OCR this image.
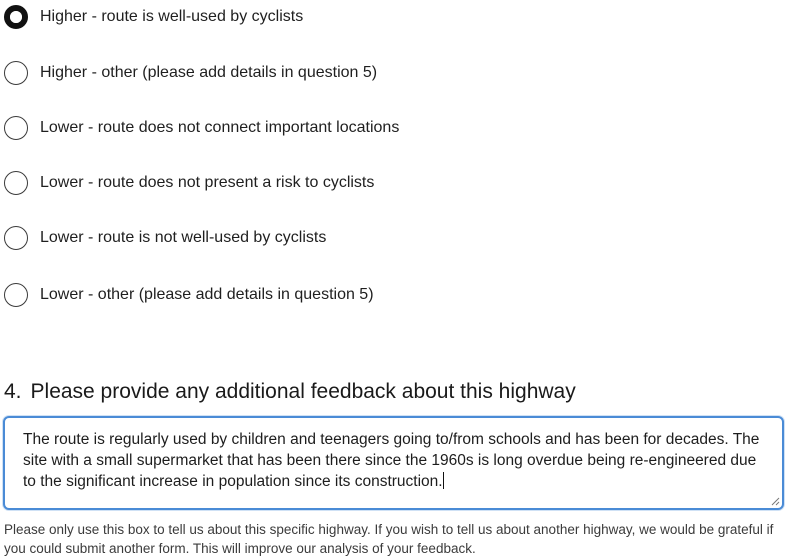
Higher - route is well-used by cyclists
Higher - other (please add details in question 5)
Lower - route does not connect important locations
Lower - route does not present a risk to cyclists
Lower - route is not well-used by cyclists
Lower - other (please add details in question 5)
4. Please provide any additional feedback about this highway
The route is regularly used by children and teenagers going to/from schools and has been for decades. The site with a small supermarket that has been there since the 1960s is long overdue being re-engineered due to the significant increase in population since its construction.
Please only use this box to tell us about this specific highway. If you wish to tell us about another highway, we would be grateful if you could submit another form. This will improve our analysis of your feedback.
